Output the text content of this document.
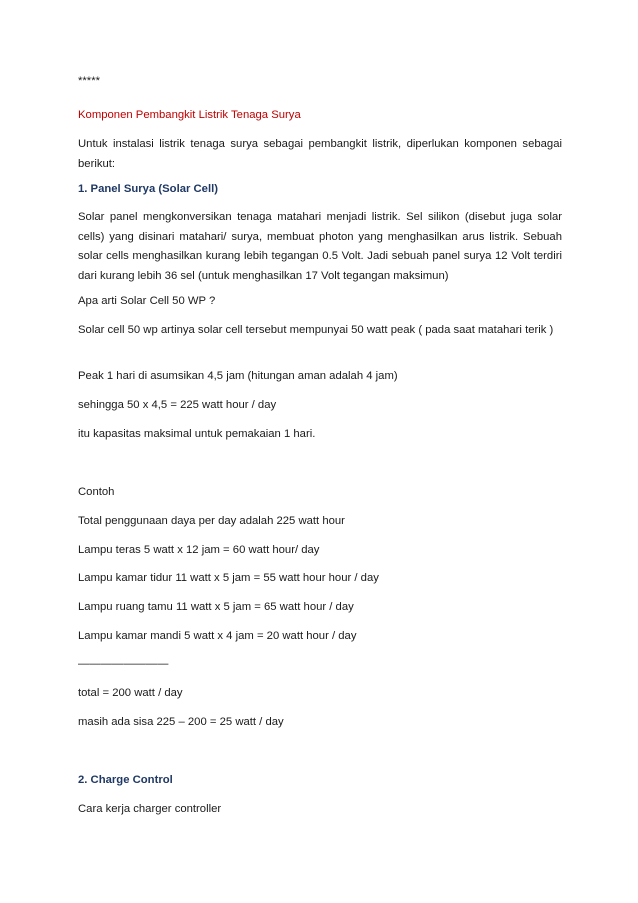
*****
Komponen Pembangkit Listrik Tenaga Surya
Untuk instalasi listrik tenaga surya sebagai pembangkit listrik, diperlukan komponen sebagai berikut:
1. Panel Surya (Solar Cell)
Solar panel mengkonversikan tenaga matahari menjadi listrik. Sel silikon (disebut juga solar cells) yang disinari matahari/ surya, membuat photon yang menghasilkan arus listrik. Sebuah solar cells menghasilkan kurang lebih tegangan 0.5 Volt. Jadi sebuah panel surya 12 Volt terdiri dari kurang lebih 36 sel (untuk menghasilkan 17 Volt tegangan maksimun)
Apa arti Solar Cell 50 WP ?
Solar cell 50 wp artinya solar cell tersebut mempunyai 50 watt peak ( pada saat matahari terik )
Peak 1 hari di asumsikan 4,5 jam (hitungan aman adalah 4 jam)
sehingga 50 x 4,5 = 225 watt hour / day
itu kapasitas maksimal untuk pemakaian 1 hari.
Contoh
Total penggunaan daya per day adalah 225 watt hour
Lampu teras 5 watt x 12 jam = 60 watt hour/ day
Lampu kamar tidur 11 watt x 5 jam = 55 watt hour hour / day
Lampu ruang tamu 11 watt x 5 jam = 65 watt hour / day
Lampu kamar mandi 5 watt x 4 jam = 20 watt hour / day
————————
total = 200 watt / day
masih ada sisa 225 – 200 = 25 watt / day
2. Charge Control
Cara kerja charger controller
